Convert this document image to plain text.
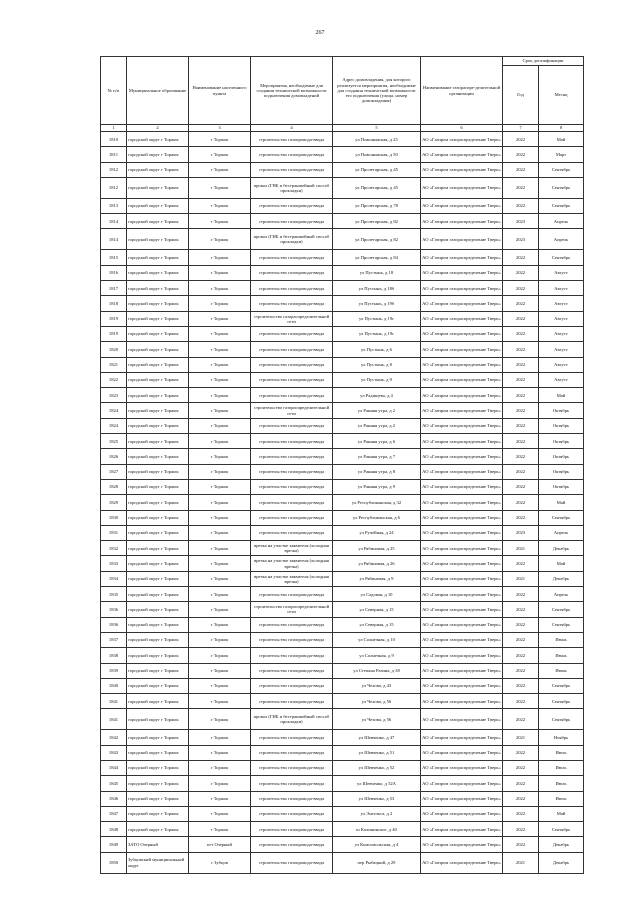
267
№ п/п	Муниципальное образование	Наименование населенного пункта	Мероприятия, необходимые для создания технической возможности подключения домовладений	Адрес домовладения, для которого реализуется мероприятия, необходимые для создания технической возможности его подключения (улица, номер домовладения)	Наименование газораспре-делительной организации	Срок догазификации	
						Год	Месяц
1	2	3	4	5	6	7	8
1810	городской округ г Торжок	г Торжок	строительство газопровода-ввода	ул Пожонинская, д 25	АО «Газпром газораспределение Тверь»	2022	Май
1811	городской округ г Торжок	г Торжок	строительство газопровода-ввода	ул Пожонинская, д 50	АО «Газпром газораспределение Тверь»	2022	Март
1812	городской округ г Торжок	г Торжок	строительство газопровода-ввода	ул Пролетарская, д 45	АО «Газпром газораспределение Тверь»	2022	Сентябрь
1812	городской округ г Торжок	г Торжок	прокол (ГНБ и бестраншейный способ прокладки)	ул Пролетарская, д 45	АО «Газпром газораспределение Тверь»	2022	Сентябрь
1813	городской округ г Торжок	г Торжок	строительство газопровода-ввода	ул Пролетарская, д 78	АО «Газпром газораспределение Тверь»	2022	Сентябрь
1814	городской округ г Торжок	г Торжок	строительство газопровода-ввода	ул Пролетарская, д 82	АО «Газпром газораспределение Тверь»	2023	Апрель
1814	городской округ г Торжок	г Торжок	прокол (ГНБ и бестраншейный способ прокладки)	ул Пролетарская, д 82	АО «Газпром газораспределение Тверь»	2023	Апрель
1815	городской округ г Торжок	г Торжок	строительство газопровода-ввода	ул Пролетарская, д 84	АО «Газпром газораспределение Тверь»	2022	Сентябрь
1816	городской округ г Торжок	г Торжок	строительство газопровода-ввода	ул Пустынь, д 18	АО «Газпром газораспределение Тверь»	2022	Август
1817	городской округ г Торжок	г Торжок	строительство газопровода-ввода	ул Пустынь, д 18б	АО «Газпром газораспределение Тверь»	2022	Август
1818	городской округ г Торжок	г Торжок	строительство газопровода-ввода	ул Пустынь, д 19б	АО «Газпром газораспределение Тверь»	2022	Август
1819	городской округ г Торжок	г Торжок	строительство газораспределительной сети	ул Пустынь, д 19г	АО «Газпром газораспределение Тверь»	2022	Август
1819	городской округ г Торжок	г Торжок	строительство газопровода-ввода	ул Пустынь, д 19г	АО «Газпром газораспределение Тверь»	2022	Август
1820	городской округ г Торжок	г Торжок	строительство газопровода-ввода	ул Пустынь, д 6	АО «Газпром газораспределение Тверь»	2022	Август
1821	городской округ г Торжок	г Торжок	строительство газопровода-ввода	ул Пустынь, д 8	АО «Газпром газораспределение Тверь»	2022	Август
1822	городской округ г Торжок	г Торжок	строительство газопровода-ввода	ул Пустынь, д 9	АО «Газпром газораспределение Тверь»	2022	Август
1823	городской округ г Торжок	г Торжок	строительство газопровода-ввода	ул Радищева, д 4	АО «Газпром газораспределение Тверь»	2022	Май
1824	городской округ г Торжок	г Торжок	строительство газораспределительной сети	ул Ранняя утра, д 2	АО «Газпром газораспределение Тверь»	2022	Октябрь
1824	городской округ г Торжок	г Торжок	строительство газопровода-ввода	ул Ранняя утра, д 2	АО «Газпром газораспределение Тверь»	2022	Октябрь
1825	городской округ г Торжок	г Торжок	строительство газопровода-ввода	ул Ранняя утра, д 6	АО «Газпром газораспределение Тверь»	2022	Октябрь
1826	городской округ г Торжок	г Торжок	строительство газопровода-ввода	ул Ранняя утра, д 7	АО «Газпром газораспределение Тверь»	2022	Октябрь
1827	городской округ г Торжок	г Торжок	строительство газопровода-ввода	ул Ранняя утра, д 8	АО «Газпром газораспределение Тверь»	2022	Октябрь
1828	городской округ г Торжок	г Торжок	строительство газопровода-ввода	ул Ранняя утра, д 9	АО «Газпром газораспределение Тверь»	2022	Октябрь
1829	городской округ г Торжок	г Торжок	строительство газопровода-ввода	ул Республиканская, д 32	АО «Газпром газораспределение Тверь»	2022	Май
1830	городской округ г Торжок	г Торжок	строительство газопровода-ввода	ул Республиканская, д 6	АО «Газпром газораспределение Тверь»	2022	Сентябрь
1831	городской округ г Торжок	г Торжок	строительство газопровода-ввода	ул Ручейная, д 24	АО «Газпром газораспределение Тверь»	2023	Апрель
1832	городской округ г Торжок	г Торжок	врезка на участке заявителя (холодная врезка)	ул Рябиновая, д 25	АО «Газпром газораспределение Тверь»	2021	Декабрь
1833	городской округ г Торжок	г Торжок	врезка на участке заявителя (холодная врезка)	ул Рябиновая, д 26	АО «Газпром газораспределение Тверь»	2022	Май
1834	городской округ г Торжок	г Торжок	врезка на участке заявителя (холодная врезка)	ул Рябиновая, д 9	АО «Газпром газораспределение Тверь»	2021	Декабрь
1835	городской округ г Торжок	г Торжок	строительство газопровода-ввода	ул Садовая, д 10	АО «Газпром газораспределение Тверь»	2022	Апрель
1836	городской округ г Торжок	г Торжок	строительство газораспределительной сети	ул Северная, д 15	АО «Газпром газораспределение Тверь»	2022	Сентябрь
1836	городской округ г Торжок	г Торжок	строительство газопровода-ввода	ул Северная, д 15	АО «Газпром газораспределение Тверь»	2022	Сентябрь
1837	городской округ г Торжок	г Торжок	строительство газопровода-ввода	ул Солнечная, д 10	АО «Газпром газораспределение Тверь»	2022	Июнь
1838	городской округ г Торжок	г Торжок	строительство газопровода-ввода	ул Солнечная, д 9	АО «Газпром газораспределение Тверь»	2022	Июнь
1839	городской округ г Торжок	г Торжок	строительство газопровода-ввода	ул Степана Разина, д 38	АО «Газпром газораспределение Тверь»	2022	Июнь
1840	городской округ г Торжок	г Торжок	строительство газопровода-ввода	ул Чехова, д 43	АО «Газпром газораспределение Тверь»	2022	Сентябрь
1841	городской округ г Торжок	г Торжок	строительство газопровода-ввода	ул Чехова, д 56	АО «Газпром газораспределение Тверь»	2022	Сентябрь
1841	городской округ г Торжок	г Торжок	прокол (ГНБ и бестраншейный способ прокладки)	ул Чехова, д 56	АО «Газпром газораспределение Тверь»	2022	Сентябрь
1842	городской округ г Торжок	г Торжок	строительство газопровода-ввода	ул Шевченко, д 47	АО «Газпром газораспределение Тверь»	2021	Ноябрь
1843	городской округ г Торжок	г Торжок	строительство газопровода-ввода	ул Шевченко, д 51	АО «Газпром газораспределение Тверь»	2022	Июль
1844	городской округ г Торжок	г Торжок	строительство газопровода-ввода	ул Шевченко, д 52	АО «Газпром газораспределение Тверь»	2022	Июль
1845	городской округ г Торжок	г Торжок	строительство газопровода-ввода	ул Шевченко, д 52А	АО «Газпром газораспределение Тверь»	2022	Июль
1846	городской округ г Торжок	г Торжок	строительство газопровода-ввода	ул Шевченко, д 53	АО «Газпром газораспределение Тверь»	2022	Июль
1847	городской округ г Торжок	г Торжок	строительство газопровода-ввода	ул Энгельса, д 2	АО «Газпром газораспределение Тверь»	2022	Май
1848	городской округ г Торжок	г Торжок	строительство газопровода-ввода	ш Калининское, д 40	АО «Газпром газораспределение Тверь»	2022	Сентябрь
1849	ЗАТО Озерный	пгт Озерный	строительство газопровода-ввода	ул Комсомольская, д 4	АО «Газпром газораспределение Тверь»	2022	Декабрь
1850	Зубцовский муниципальный округ	г Зубцов	строительство газопровода-ввода	пер Рыбацкий, д 29	АО «Газпром газораспределение Тверь»	2021	Декабрь
